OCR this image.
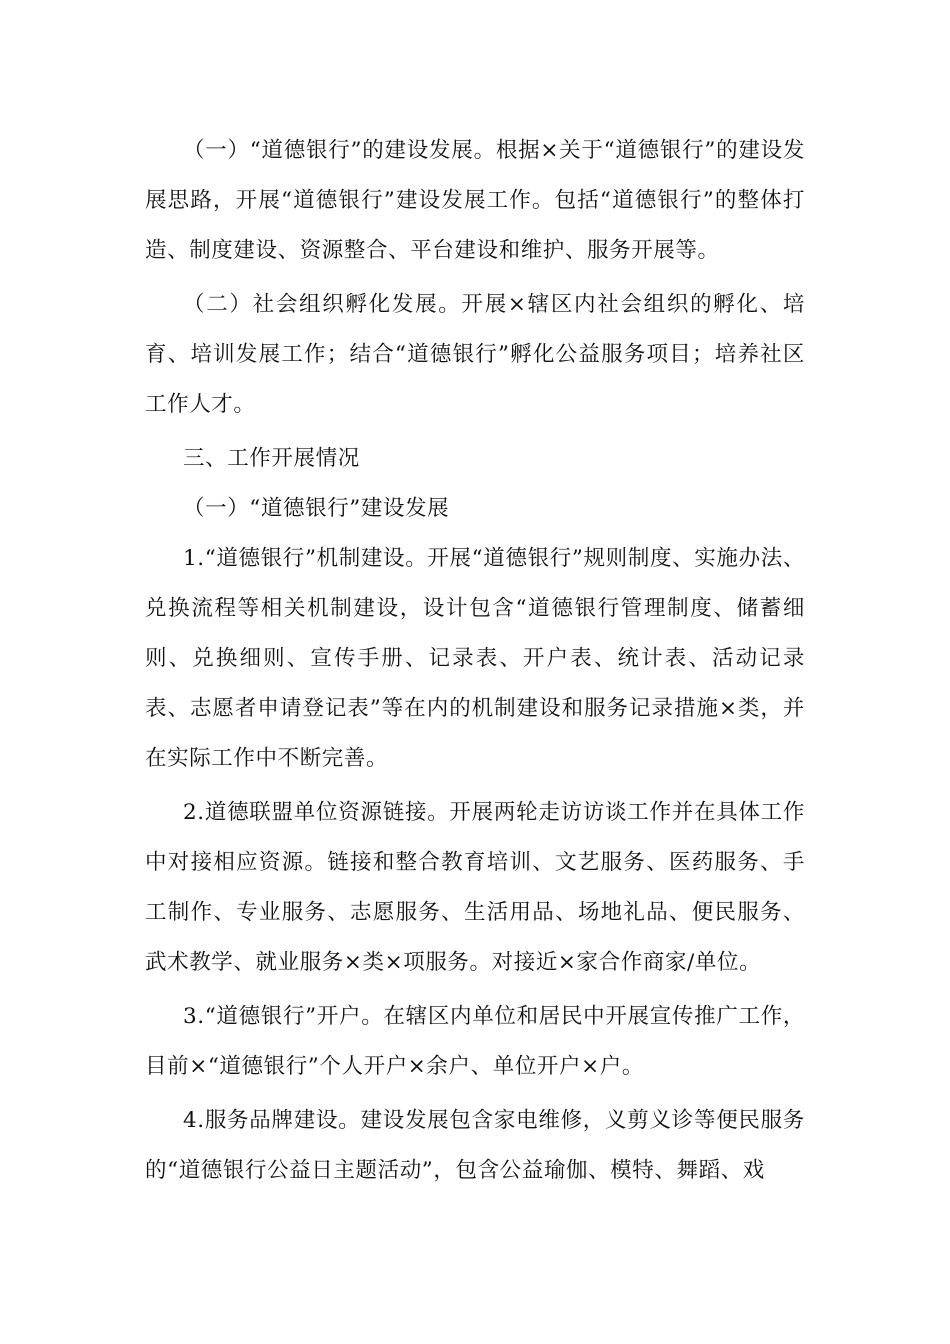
（一）“道德银行”的建设发展。根据×关于“道德银行”的建设发展思路，开展“道德银行”建设发展工作。包括“道德银行”的整体打造、制度建设、资源整合、平台建设和维护、服务开展等。

（二）社会组织孵化发展。开展×辖区内社会组织的孵化、培育、培训发展工作；结合“道德银行”孵化公益服务项目；培养社区工作人才。

三、工作开展情况

（一）“道德银行”建设发展

1.“道德银行”机制建设。开展“道德银行”规则制度、实施办法、兑换流程等相关机制建设，设计包含“道德银行管理制度、储蓄细则、兑换细则、宣传手册、记录表、开户表、统计表、活动记录表、志愿者申请登记表”等在内的机制建设和服务记录措施×类，并在实际工作中不断完善。

2.道德联盟单位资源链接。开展两轮走访访谈工作并在具体工作中对接相应资源。链接和整合教育培训、文艺服务、医药服务、手工制作、专业服务、志愿服务、生活用品、场地礼品、便民服务、武术教学、就业服务×类×项服务。对接近×家合作商家/单位。

3.“道德银行”开户。在辖区内单位和居民中开展宣传推广工作，目前×“道德银行”个人开户×余户、单位开户×户。

4.服务品牌建设。建设发展包含家电维修，义剪义诊等便民服务的“道德银行公益日主题活动”，包含公益瑜伽、模特、舞蹈、戏
